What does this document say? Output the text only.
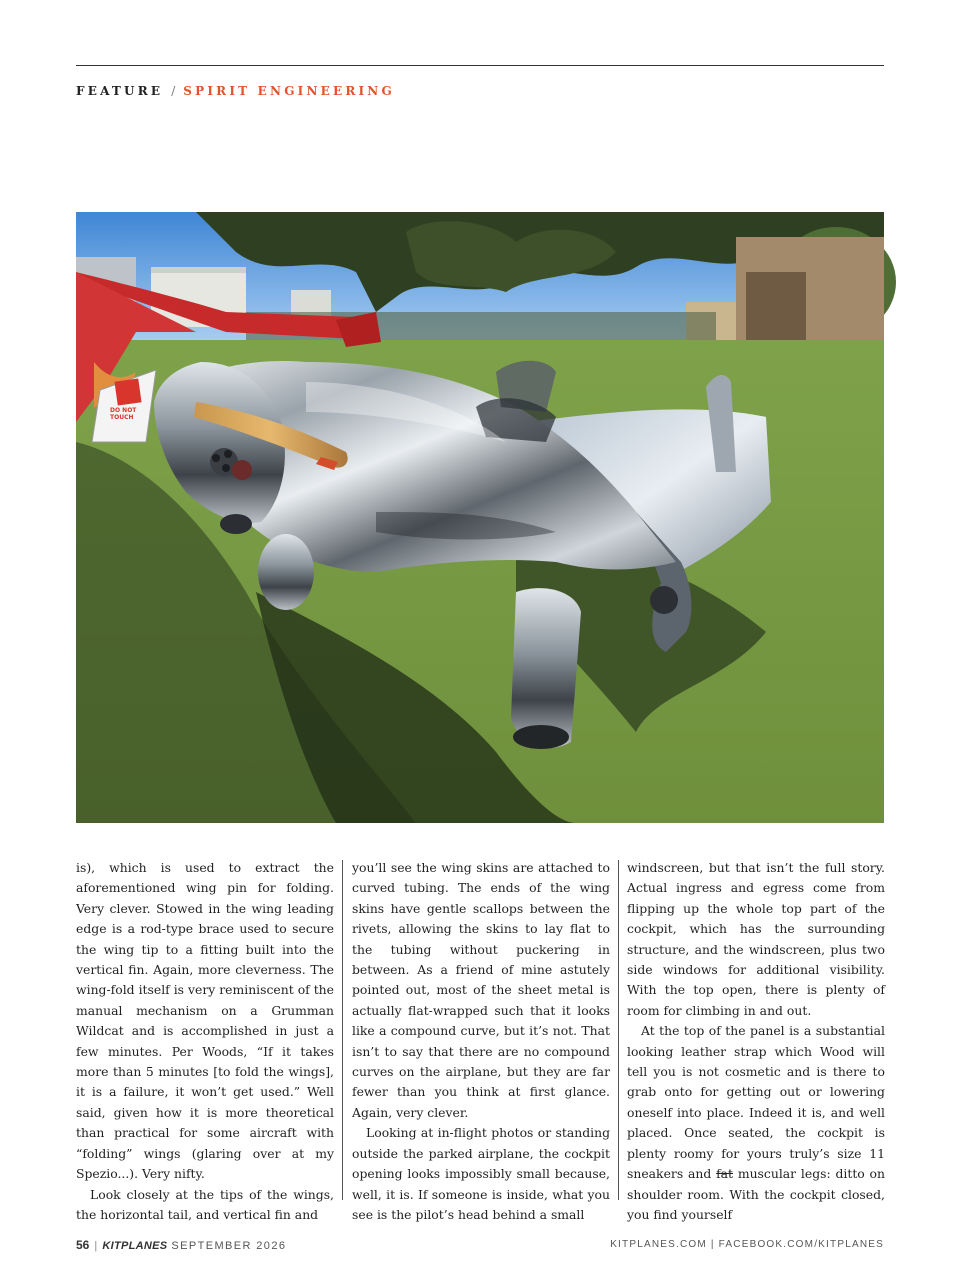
FEATURE / SPIRIT ENGINEERING
DO NOT
TOUCH

is), which is used to extract the aforementioned wing pin for folding. Very clever. Stowed in the wing leading edge is a rod-type brace used to secure the wing tip to a fitting built into the vertical fin. Again, more cleverness. The wing-fold itself is very reminiscent of the manual mechanism on a Grumman Wildcat and is accomplished in just a few minutes. Per Woods, “If it takes more than 5 minutes [to fold the wings], it is a failure, it won’t get used.” Well said, given how it is more theoretical than practical for some aircraft with “folding” wings (glaring over at my Spezio...). Very nifty.

Look closely at the tips of the wings, the horizontal tail, and vertical fin and

you’ll see the wing skins are attached to curved tubing. The ends of the wing skins have gentle scallops between the rivets, allowing the skins to lay flat to the tubing without puckering in between. As a friend of mine astutely pointed out, most of the sheet metal is actually flat-wrapped such that it looks like a compound curve, but it’s not. That isn’t to say that there are no compound curves on the airplane, but they are far fewer than you think at first glance. Again, very clever.

Looking at in-flight photos or standing outside the parked airplane, the cockpit opening looks impossibly small because, well, it is. If someone is inside, what you see is the pilot’s head behind a small

windscreen, but that isn’t the full story. Actual ingress and egress come from flipping up the whole top part of the cockpit, which has the surrounding structure, and the windscreen, plus two side windows for additional visibility. With the top open, there is plenty of room for climbing in and out.

At the top of the panel is a substantial looking leather strap which Wood will tell you is not cosmetic and is there to grab onto for getting out or lowering oneself into place. Indeed it is, and well placed. Once seated, the cockpit is plenty roomy for yours truly’s size 11 sneakers and fat muscular legs: ditto on shoulder room. With the cockpit closed, you find yourself

56 | KITPLANES SEPTEMBER 2026	KITPLANES.COM | FACEBOOK.COM/KITPLANES
